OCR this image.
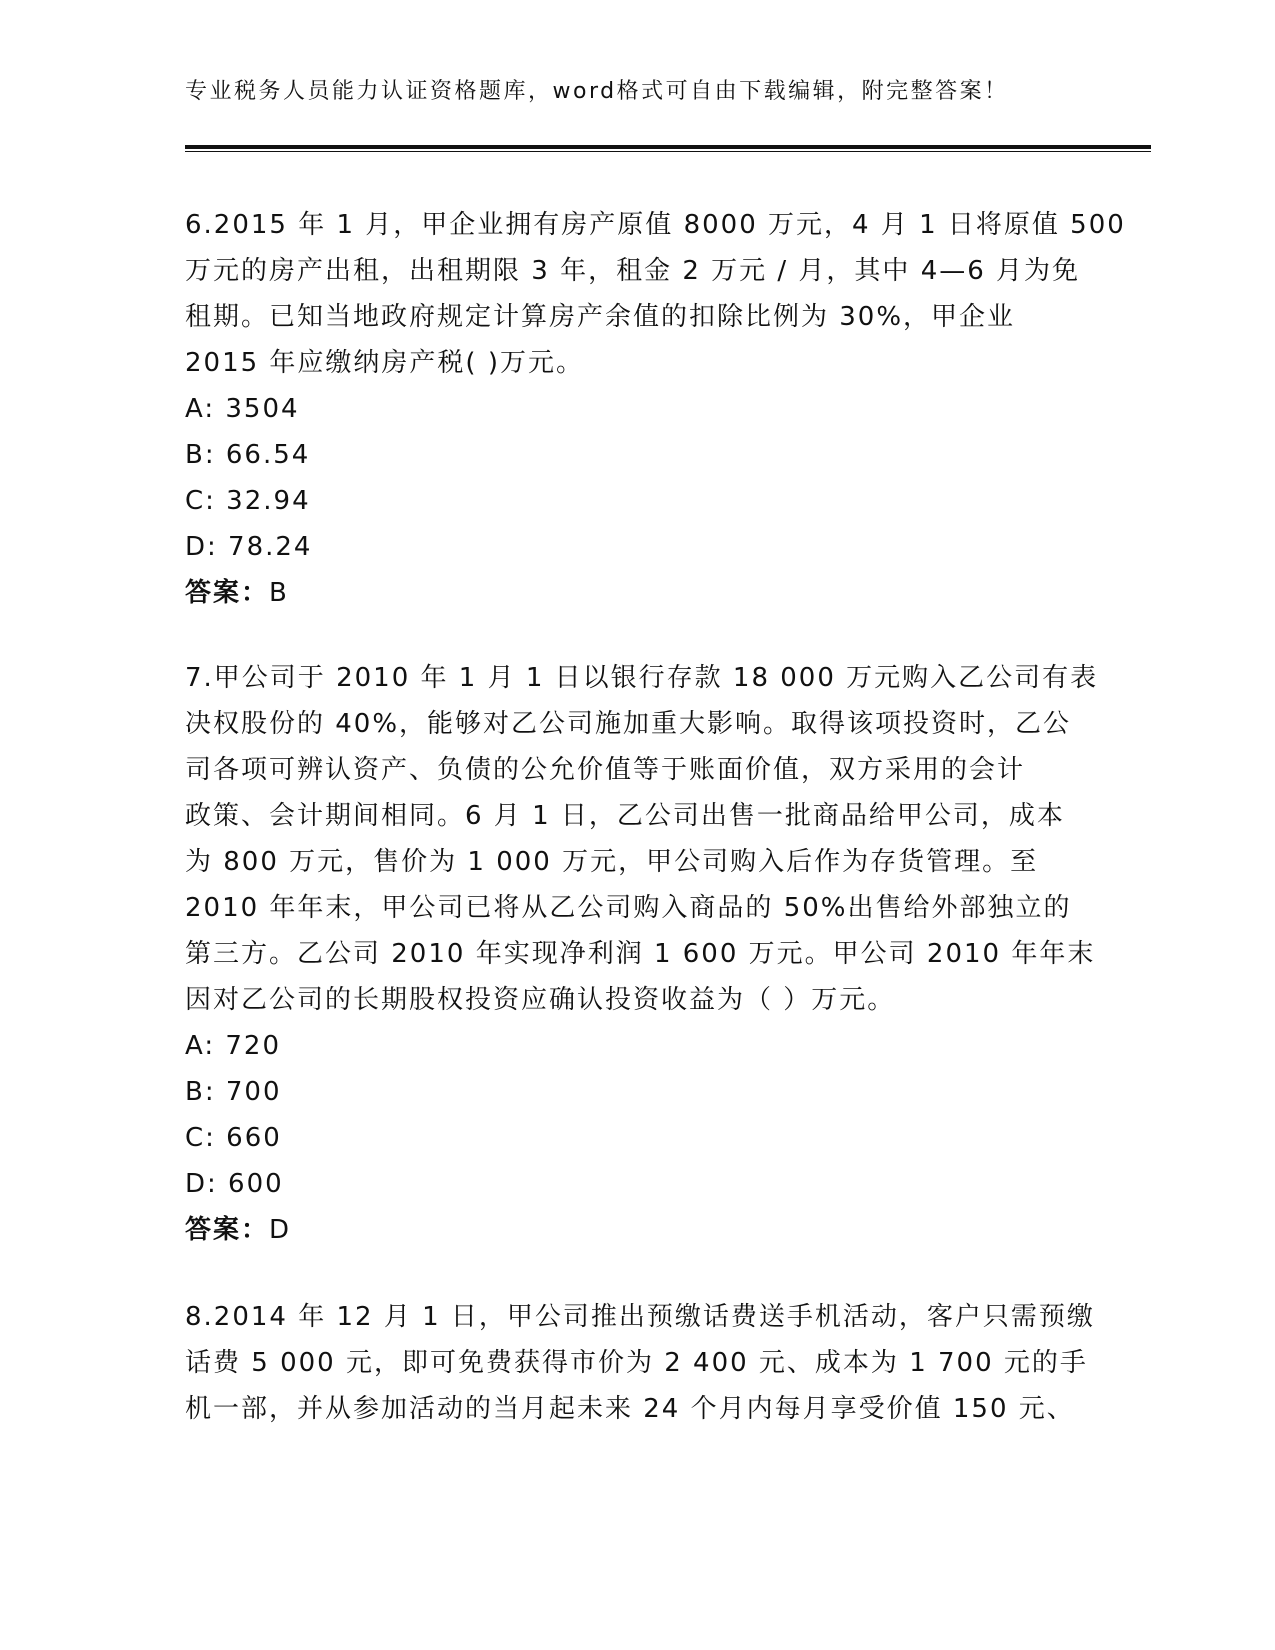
专业税务人员能力认证资格题库，word格式可自由下载编辑，附完整答案！
6.2015 年 1 月，甲企业拥有房产原值 8000 万元，4 月 1 日将原值 500
万元的房产出租，出租期限 3 年，租金 2 万元 / 月，其中 4—6 月为免
租期。已知当地政府规定计算房产余值的扣除比例为 30%，甲企业
2015 年应缴纳房产税( )万元。
A: 3504
B: 66.54
C: 32.94
D: 78.24
答案：B
7.甲公司于 2010 年 1 月 1 日以银行存款 18 000 万元购入乙公司有表
决权股份的 40%，能够对乙公司施加重大影响。取得该项投资时，乙公
司各项可辨认资产、负债的公允价值等于账面价值，双方采用的会计
政策、会计期间相同。6 月 1 日，乙公司出售一批商品给甲公司，成本
为 800 万元，售价为 1 000 万元，甲公司购入后作为存货管理。至
2010 年年末，甲公司已将从乙公司购入商品的 50%出售给外部独立的
第三方。乙公司 2010 年实现净利润 1 600 万元。甲公司 2010 年年末
因对乙公司的长期股权投资应确认投资收益为（ ）万元。
A: 720
B: 700
C: 660
D: 600
答案：D
8.2014 年 12 月 1 日，甲公司推出预缴话费送手机活动，客户只需预缴
话费 5 000 元，即可免费获得市价为 2 400 元、成本为 1 700 元的手
机一部，并从参加活动的当月起未来 24 个月内每月享受价值 150 元、
